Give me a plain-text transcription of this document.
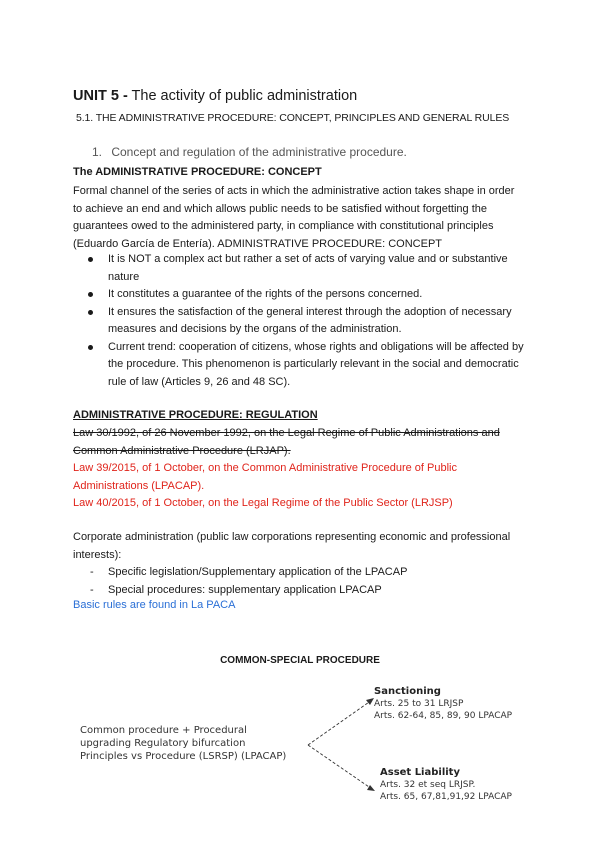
UNIT 5 - The activity of public administration
5.1. THE ADMINISTRATIVE PROCEDURE: CONCEPT, PRINCIPLES AND GENERAL RULES
1. Concept and regulation of the administrative procedure.
The ADMINISTRATIVE PROCEDURE: CONCEPT
Formal channel of the series of acts in which the administrative action takes shape in order to achieve an end and which allows public needs to be satisfied without forgetting the guarantees owed to the administered party, in compliance with constitutional principles (Eduardo García de Entería). ADMINISTRATIVE PROCEDURE: CONCEPT
It is NOT a complex act but rather a set of acts of varying value and or substantive nature
It constitutes a guarantee of the rights of the persons concerned.
It ensures the satisfaction of the general interest through the adoption of necessary measures and decisions by the organs of the administration.
Current trend: cooperation of citizens, whose rights and obligations will be affected by the procedure. This phenomenon is particularly relevant in the social and democratic rule of law (Articles 9, 26 and 48 SC).
ADMINISTRATIVE PROCEDURE: REGULATION
Law 30/1992, of 26 November 1992, on the Legal Regime of Public Administrations and Common Administrative Procedure (LRJAP).
Law 39/2015, of 1 October, on the Common Administrative Procedure of Public Administrations (LPACAP).
Law 40/2015, of 1 October, on the Legal Regime of the Public Sector (LRJSP)
Corporate administration (public law corporations representing economic and professional interests):
- Specific legislation/Supplementary application of the LPACAP
- Special procedures: supplementary application LPACAP
Basic rules are found in La PACA
COMMON-SPECIAL PROCEDURE
Common procedure + Procedural
upgrading Regulatory bifurcation
Principles vs Procedure (LSRSP) (LPACAP)
Sanctioning
Arts. 25 to 31 LRJSP
Arts. 62-64, 85, 89, 90 LPACAP
Asset Liability
Arts. 32 et seq LRJSP.
Arts. 65, 67,81,91,92 LPACAP
